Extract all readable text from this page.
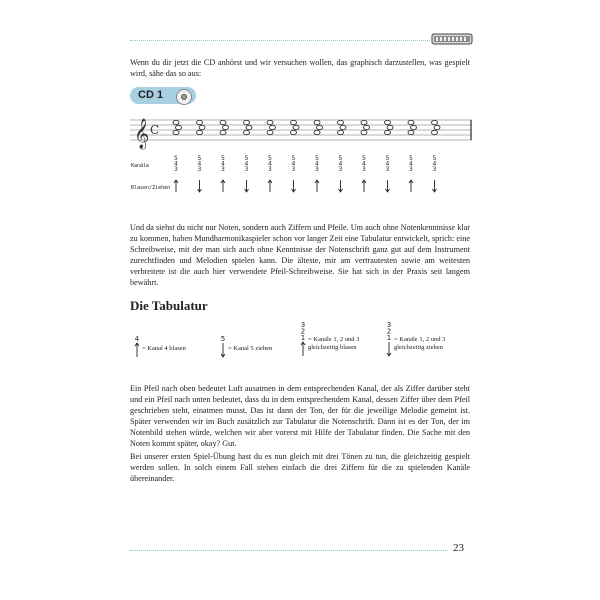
Wenn du dir jetzt die CD anhörst und wir versuchen wollen, das graphisch darzustellen, was gespielt wird, sähe das so aus:
CD 1
𝄞 C
5
4
3
5
4
3
5
4
3
5
4
3
5
4
3
5
4
3
5
4
3
5
4
3
5
4
3
5
4
3
5
4
3
5
4
3
Kanäle
Blasen/Ziehen
Und da siehst du nicht nur Noten, sondern auch Ziffern und Pfeile. Um auch ohne Notenkenntnisse klar zu kommen, haben Mundharmonikaspieler schon vor langer Zeit eine Tabulatur entwickelt, sprich: eine Schreibweise, mit der man sich auch ohne Kenntnisse der Notenschrift ganz gut auf dem Instrument zurechtfinden und Melodien spielen kann. Die älteste, mir am vertrautesten sowie am weitesten verbreitete ist die auch hier verwendete Pfeil-Schreibweise. Sie hat sich in der Praxis seit langem bewährt.
Die Tabulatur
4	5
3
2
1
3
2
1
= Kanal 4 blasen	= Kanal 5 ziehen
= Kanäle 1, 2 und 3
gleichzeitig blasen
= Kanäle 1, 2 und 3
gleichzeitig ziehen
Ein Pfeil nach oben bedeutet Luft ausatmen in dem entsprechenden Kanal, der als Ziffer darüber steht und ein Pfeil nach unten bedeutet, dass du in dem entsprechendem Kanal, dessen Ziffer über dem Pfeil geschrieben steht, einatmen musst. Das ist dann der Ton, der für die jeweilige Melodie gemeint ist. Später verwenden wir im Buch zusätzlich zur Tabulatur die Notenschrift. Dann ist es der Ton, der im Notenbild stehen würde, welchen wir aber vorerst mit Hilfe der Tabulatur finden. Die Sache mit den Noten kommt später, okay? Gut.
Bei unserer ersten Spiel-Übung hast du es nun gleich mit drei Tönen zu tun, die gleichzeitig gespielt werden sollen. In solch einem Fall stehen einfach die drei Ziffern für die zu spielenden Kanäle übereinander.
23
